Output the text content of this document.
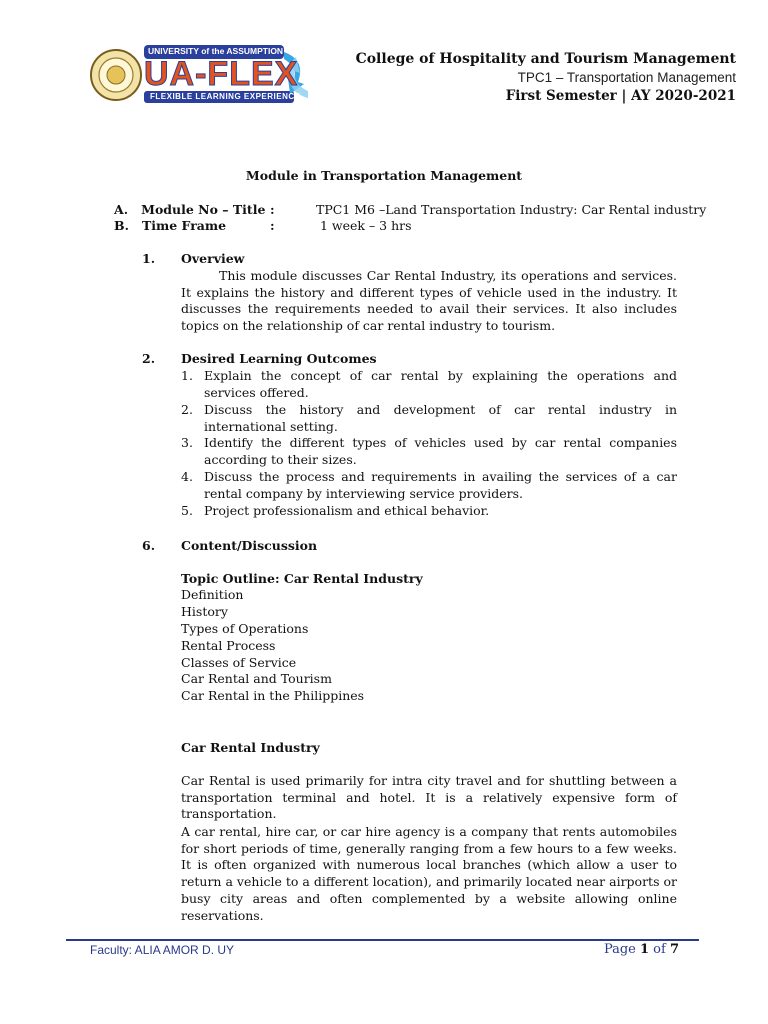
UNIVERSITY of the ASSUMPTION
UA-FLEX
FLEXIBLE LEARNING EXPERIENCE
College of Hospitality and Tourism Management
TPC1 – Transportation Management
First Semester | AY 2020-2021
Module in Transportation Management
A.   Module No – Title :	TPC1 M6 –Land Transportation Industry: Car Rental industry
B.   Time Frame	:	1 week – 3 hrs
1. Overview
This module discusses Car Rental Industry, its operations and services. It explains the history and different types of vehicle used in the industry. It discusses the requirements needed to avail their services. It also includes topics on the relationship of car rental industry to tourism.
2. Desired Learning Outcomes
1. Explain the concept of car rental by explaining the operations and services offered.
2. Discuss the history and development of car rental industry in international setting.
3. Identify the different types of vehicles used by car rental companies according to their sizes.
4. Discuss the process and requirements in availing the services of a car rental company by interviewing service providers.
5. Project professionalism and ethical behavior.
6. Content/Discussion
Topic Outline: Car Rental Industry
Definition
History
Types of Operations
Rental Process
Classes of Service
Car Rental and Tourism
Car Rental in the Philippines
Car Rental Industry
Car Rental is used primarily for intra city travel and for shuttling between a transportation terminal and hotel. It is a relatively expensive form of transportation.
A car rental, hire car, or car hire agency is a company that rents automobiles for short periods of time, generally ranging from a few hours to a few weeks. It is often organized with numerous local branches (which allow a user to return a vehicle to a different location), and primarily located near airports or busy city areas and often complemented by a website allowing online reservations.
Faculty: ALIA AMOR D. UY	Page 1 of 7
